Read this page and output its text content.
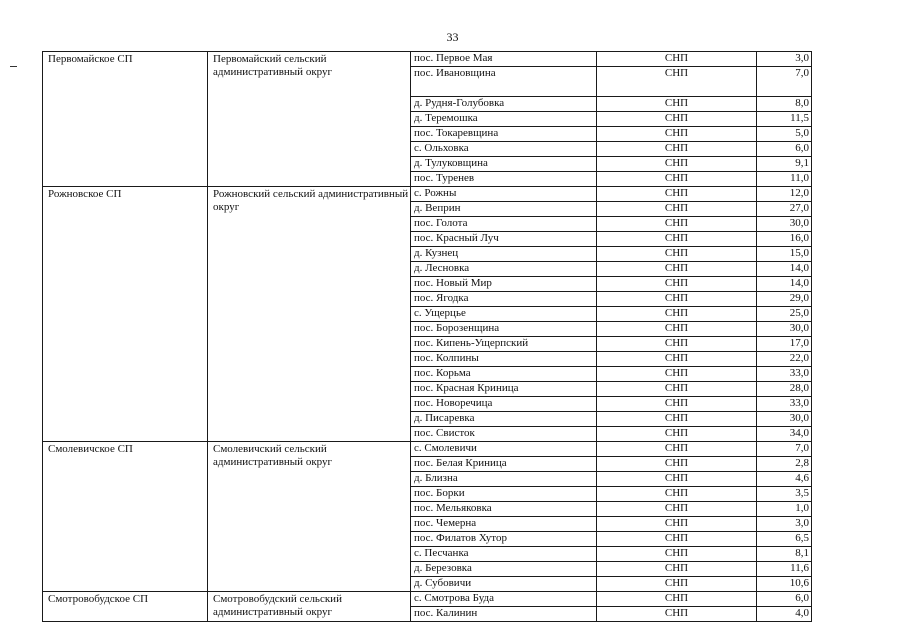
33
Первомайское СП	Первомайский сельский административный округ	пос. Первое Мая	СНП	3,0
		пос. Ивановщина	СНП	7,0
		д. Рудня-Голубовка	СНП	8,0
		д. Теремошка	СНП	11,5
		пос. Токаревщина	СНП	5,0
		с. Ольховка	СНП	6,0
		д. Тулуковщина	СНП	9,1
		пос. Туренев	СНП	11,0
Рожновское СП	Рожновский сельский административный округ	с. Рожны	СНП	12,0
		д. Веприн	СНП	27,0
		пос. Голота	СНП	30,0
		пос. Красный Луч	СНП	16,0
		д. Кузнец	СНП	15,0
		д. Лесновка	СНП	14,0
		пос. Новый Мир	СНП	14,0
		пос. Ягодка	СНП	29,0
		с. Ущерцье	СНП	25,0
		пос. Борозенщина	СНП	30,0
		пос. Кипень-Ущерпский	СНП	17,0
		пос. Колпины	СНП	22,0
		пос. Корьма	СНП	33,0
		пос. Красная Криница	СНП	28,0
		пос. Новоречица	СНП	33,0
		д. Писаревка	СНП	30,0
		пос. Свисток	СНП	34,0
Смолевичское СП	Смолевичский сельский административный округ	с. Смолевичи	СНП	7,0
		пос. Белая Криница	СНП	2,8
		д. Близна	СНП	4,6
		пос. Борки	СНП	3,5
		пос. Мельяковка	СНП	1,0
		пос. Чемерна	СНП	3,0
		пос. Филатов Хутор	СНП	6,5
		с. Песчанка	СНП	8,1
		д. Березовка	СНП	11,6
		д. Субовичи	СНП	10,6
Смотровобудское СП	Смотровобудский сельский административный округ	с. Смотрова Буда	СНП	6,0
		пос. Калинин	СНП	4,0
